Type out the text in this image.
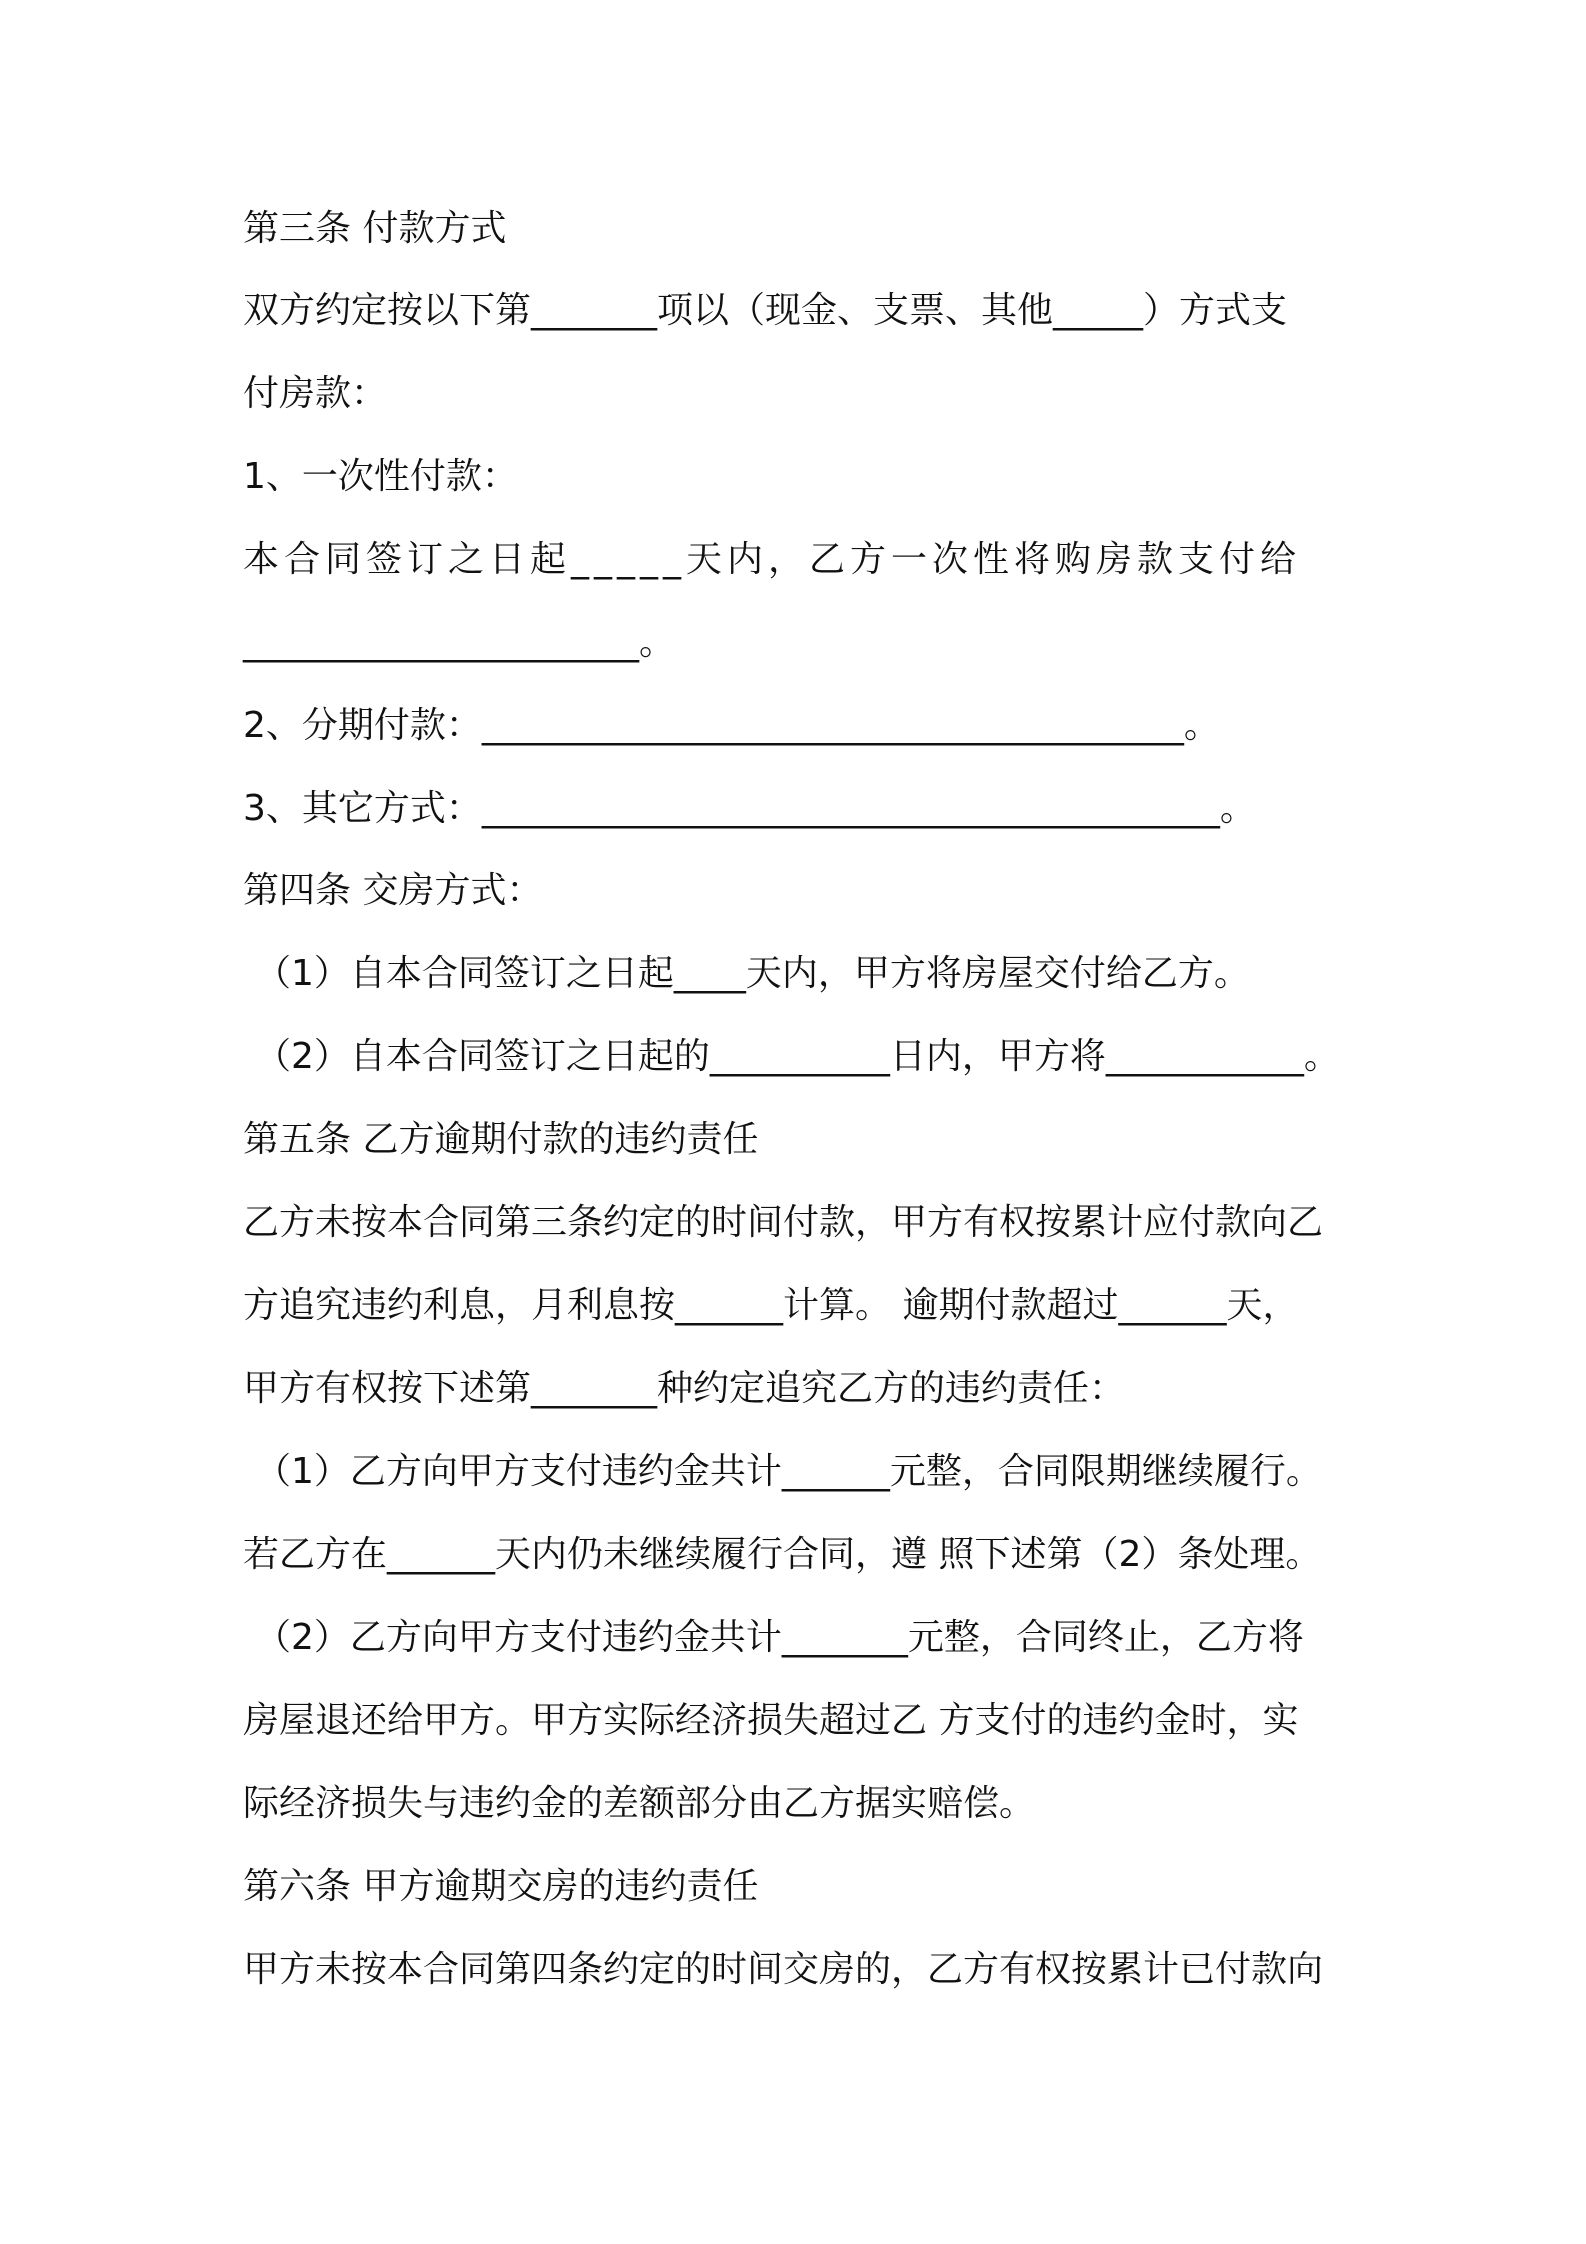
第三条 付款方式
双方约定按以下第_______项以（现金、支票、其他_____）方式支
付房款：
1、一次性付款：
本合同签订之日起_____天内，乙方一次性将购房款支付给
______________________。
2、分期付款：_______________________________________。
3、其它方式：_________________________________________。
第四条 交房方式：
（1）自本合同签订之日起____天内，甲方将房屋交付给乙方。
（2）自本合同签订之日起的__________日内，甲方将___________。
第五条 乙方逾期付款的违约责任
乙方未按本合同第三条约定的时间付款，甲方有权按累计应付款向乙
方追究违约利息，月利息按______计算。 逾期付款超过______天，
甲方有权按下述第_______种约定追究乙方的违约责任：
（1）乙方向甲方支付违约金共计______元整，合同限期继续履行。
若乙方在______天内仍未继续履行合同，遵 照下述第（2）条处理。
（2）乙方向甲方支付违约金共计_______元整，合同终止，乙方将
房屋退还给甲方。甲方实际经济损失超过乙 方支付的违约金时，实
际经济损失与违约金的差额部分由乙方据实赔偿。
第六条 甲方逾期交房的违约责任
甲方未按本合同第四条约定的时间交房的，乙方有权按累计已付款向
